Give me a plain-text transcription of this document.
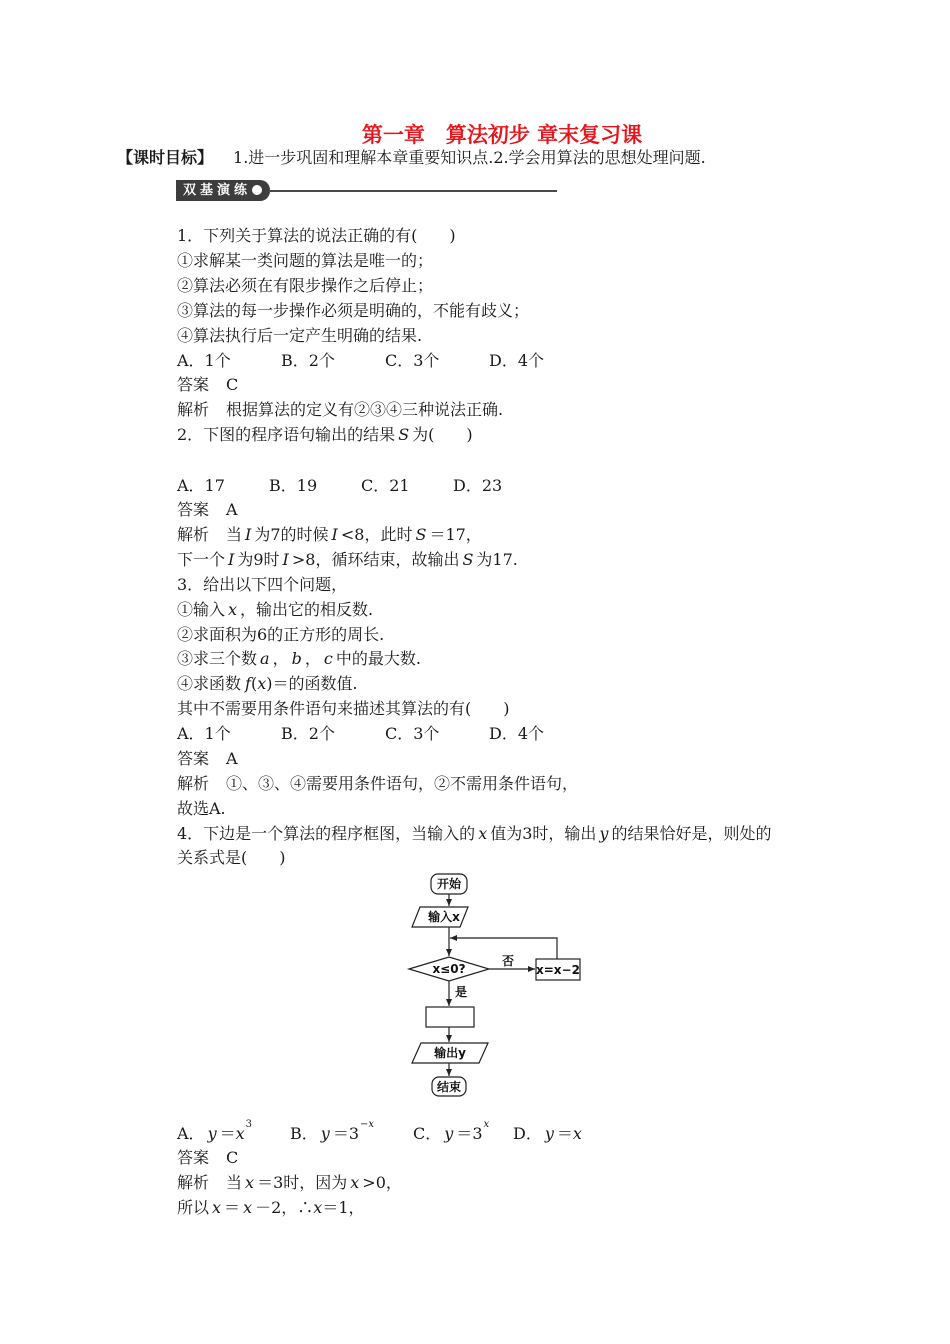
第一章　算法初步 章末复习课
【课时目标】 1.进一步巩固和理解本章重要知识点.2.学会用算法的思想处理问题.
双基演练
1．下列关于算法的说法正确的有(　　)
①求解某一类问题的算法是唯一的；
②算法必须在有限步操作之后停止；
③算法的每一步操作必须是明确的，不能有歧义；
④算法执行后一定产生明确的结果.
A．1个	B．2个	C．3个	D．4个
答案 C
解析 根据算法的定义有②③④三种说法正确.
2．下图的程序语句输出的结果 S 为(　　)
A．17	B．19	C．21	D．23
答案 A
解析 当 I 为7的时候 I <8，此时 S ＝17，
下一个 I 为9时 I >8，循环结束，故输出 S 为17.
3．给出以下四个问题，
①输入 x ，输出它的相反数.
②求面积为6的正方形的周长.
③求三个数 a ， b ， c 中的最大数.
④求函数 f(x)＝的函数值.
其中不需要用条件语句来描述其算法的有(　　)
A．1个	B．2个	C．3个	D．4个
答案 A
解析 ①、③、④需要用条件语句，②不需用条件语句，
故选A.
4．下边是一个算法的程序框图，当输入的 x 值为3时，输出 y 的结果恰好是，则处的
关系式是(　　)
开始
输入x
x≤0?
否
x=x−2
是
输出y
结束
A． $y =x^3$ B． $y =3^{-x}$ C． $y =3^x$ D． y ＝x
答案 C
解析 当 x ＝3时，因为 x >0，
所以 x ＝ x －2，∴x＝1，
